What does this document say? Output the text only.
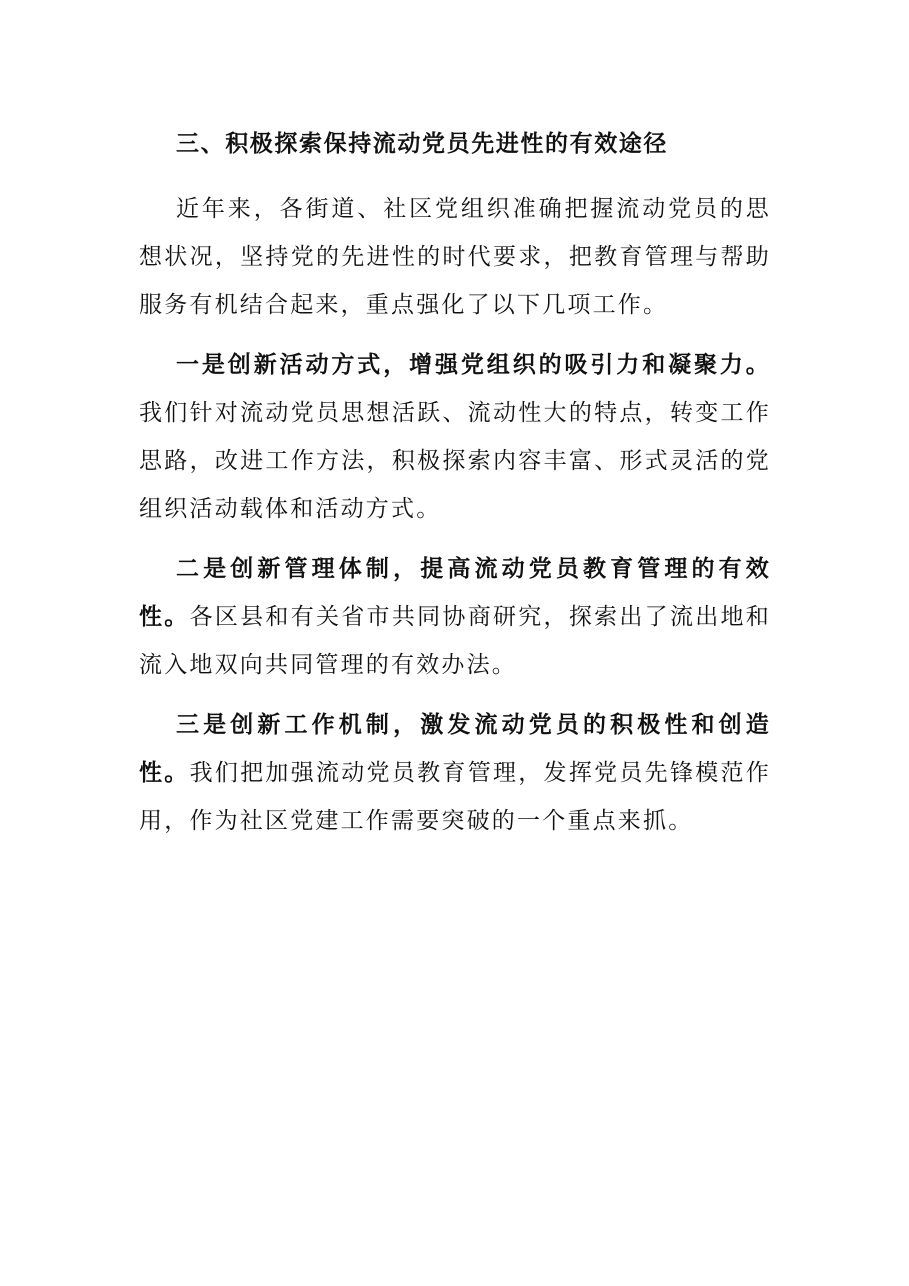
三、积极探索保持流动党员先进性的有效途径

近年来，各街道、社区党组织准确把握流动党员的思想状况，坚持党的先进性的时代要求，把教育管理与帮助服务有机结合起来，重点强化了以下几项工作。

一是创新活动方式，增强党组织的吸引力和凝聚力。我们针对流动党员思想活跃、流动性大的特点，转变工作思路，改进工作方法，积极探索内容丰富、形式灵活的党组织活动载体和活动方式。

二是创新管理体制，提高流动党员教育管理的有效性。各区县和有关省市共同协商研究，探索出了流出地和流入地双向共同管理的有效办法。

三是创新工作机制，激发流动党员的积极性和创造性。我们把加强流动党员教育管理，发挥党员先锋模范作用，作为社区党建工作需要突破的一个重点来抓。
